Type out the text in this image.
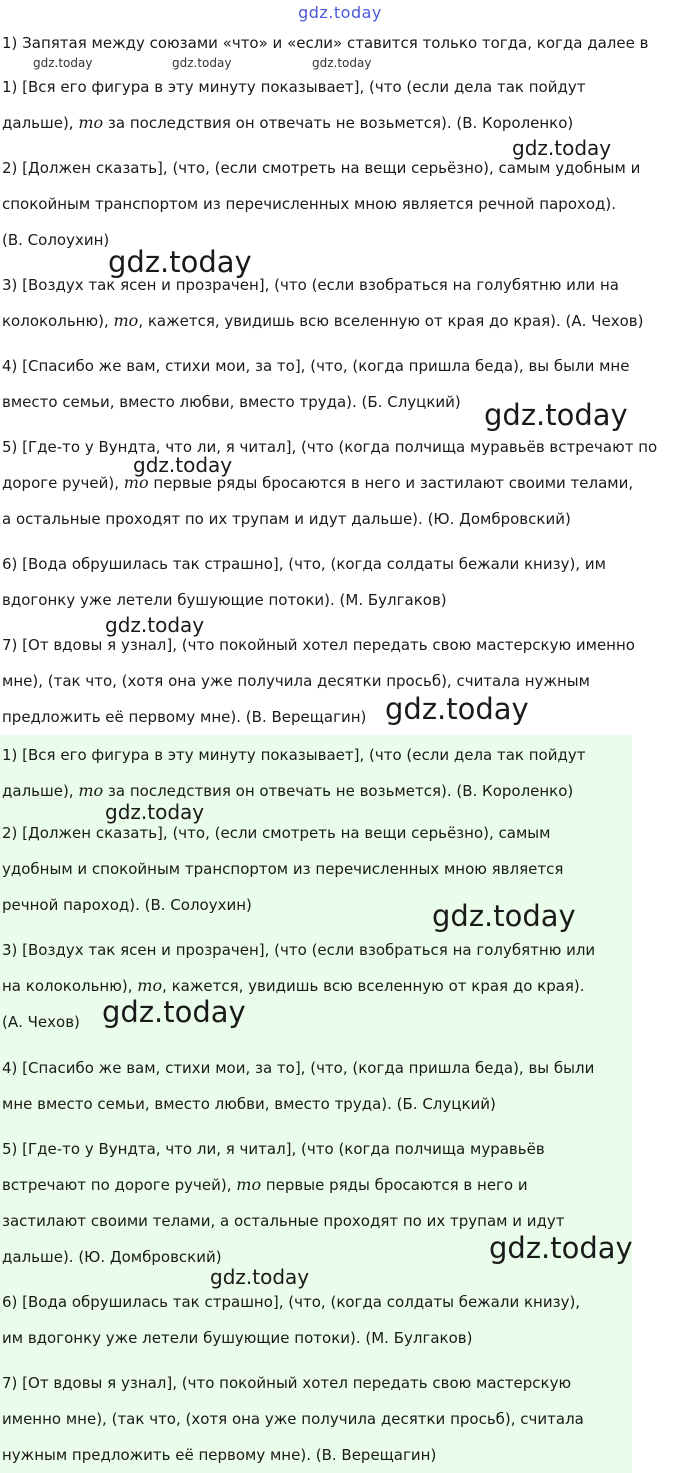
gdz.today
1) Запятая между союзами «что» и «если» ставится только тогда, когда далее в
gdz.today	gdz.today	gdz.today

1) [Вся его фигура в эту минуту показывает], (что (если дела так пойдут
дальше), то за последствия он отвечать не возьмется). (В. Короленко)

2) [Должен сказать], (что, (если смотреть на вещи серьёзно), самым удобным и
спокойным транспортом из перечисленных мною является речной пароход).
(В. Солоухин)

3) [Воздух так ясен и прозрачен], (что (если взобраться на голубятню или на
колокольню), то, кажется, увидишь всю вселенную от края до края). (А. Чехов)

4) [Спасибо же вам, стихи мои, за то], (что, (когда пришла беда), вы были мне
вместо семьи, вместо любви, вместо труда). (Б. Слуцкий)

5) [Где-то у Вундта, что ли, я читал], (что (когда полчища муравьёв встречают по
дороге ручей), то первые ряды бросаются в него и застилают своими телами,
а остальные проходят по их трупам и идут дальше). (Ю. Домбровский)

6) [Вода обрушилась так страшно], (что, (когда солдаты бежали книзу), им
вдогонку уже летели бушующие потоки). (М. Булгаков)

7) [От вдовы я узнал], (что покойный хотел передать свою мастерскую именно
мне), (так что, (хотя она уже получила десятки просьб), считала нужным
предложить её первому мне). (В. Верещагин)

1) [Вся его фигура в эту минуту показывает], (что (если дела так пойдут
дальше), то за последствия он отвечать не возьмется). (В. Короленко)

2) [Должен сказать], (что, (если смотреть на вещи серьёзно), самым
удобным и спокойным транспортом из перечисленных мною является
речной пароход). (В. Солоухин)

3) [Воздух так ясен и прозрачен], (что (если взобраться на голубятню или
на колокольню), то, кажется, увидишь всю вселенную от края до края).
(А. Чехов)

4) [Спасибо же вам, стихи мои, за то], (что, (когда пришла беда), вы были
мне вместо семьи, вместо любви, вместо труда). (Б. Слуцкий)

5) [Где-то у Вундта, что ли, я читал], (что (когда полчища муравьёв
встречают по дороге ручей), то первые ряды бросаются в него и
застилают своими телами, а остальные проходят по их трупам и идут
дальше). (Ю. Домбровский)

6) [Вода обрушилась так страшно], (что, (когда солдаты бежали книзу),
им вдогонку уже летели бушующие потоки). (М. Булгаков)

7) [От вдовы я узнал], (что покойный хотел передать свою мастерскую
именно мне), (так что, (хотя она уже получила десятки просьб), считала
нужным предложить её первому мне). (В. Верещагин)

gdz.today
gdz.today
gdz.today
gdz.today
gdz.today
gdz.today
gdz.today
gdz.today
gdz.today
gdz.today
gdz.today
